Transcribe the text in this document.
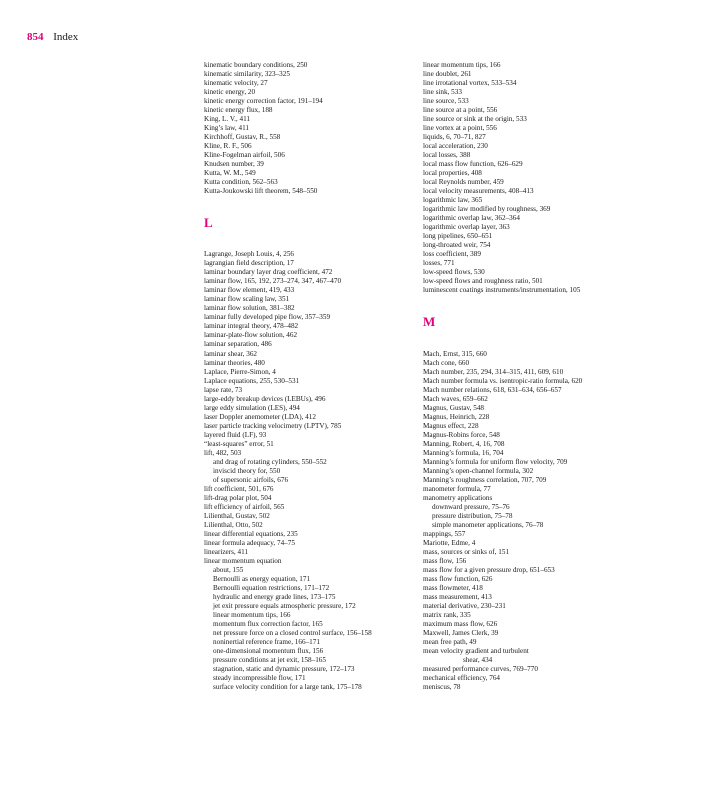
854 Index
kinematic boundary conditions, 250
kinematic similarity, 323–325
kinematic velocity, 27
kinetic energy, 20
kinetic energy correction factor, 191–194
kinetic energy flux, 188
King, L. V., 411
King’s law, 411
Kirchhoff, Gustav, R., 558
Kline, R. F., 506
Kline-Fogelman airfoil, 506
Knudsen number, 39
Kutta, W. M., 549
Kutta condition, 562–563
Kutta-Joukowski lift theorem, 548–550
L
Lagrange, Joseph Louis, 4, 256
lagrangian field description, 17
laminar boundary layer drag coefficient, 472
laminar flow, 165, 192, 273–274, 347, 467–470
laminar flow element, 419, 433
laminar flow scaling law, 351
laminar flow solution, 381–382
laminar fully developed pipe flow, 357–359
laminar integral theory, 478–482
laminar-plate-flow solution, 462
laminar separation, 486
laminar shear, 362
laminar theories, 480
Laplace, Pierre-Simon, 4
Laplace equations, 255, 530–531
lapse rate, 73
large-eddy breakup devices (LEBUs), 496
large eddy simulation (LES), 494
laser Doppler anemometer (LDA), 412
laser particle tracking velocimetry (LPTV), 785
layered fluid (LF), 93
“least-squares” error, 51
lift, 482, 503
and drag of rotating cylinders, 550–552
inviscid theory for, 550
of supersonic airfoils, 676
lift coefficient, 501, 676
lift-drag polar plot, 504
lift efficiency of airfoil, 565
Lilienthal, Gustav, 502
Lilienthal, Otto, 502
linear differential equations, 235
linear formula adequacy, 74–75
linearizers, 411
linear momentum equation
about, 155
Bernoulli as energy equation, 171
Bernoulli equation restrictions, 171–172
hydraulic and energy grade lines, 173–175
jet exit pressure equals atmospheric pressure, 172
linear momentum tips, 166
momentum flux correction factor, 165
net pressure force on a closed control surface, 156–158
noninertial reference frame, 166–171
one-dimensional momentum flux, 156
pressure conditions at jet exit, 158–165
stagnation, static and dynamic pressure, 172–173
steady incompressible flow, 171
surface velocity condition for a large tank, 175–178
linear momentum tips, 166
line doublet, 261
line irrotational vortex, 533–534
line sink, 533
line source, 533
line source at a point, 556
line source or sink at the origin, 533
line vortex at a point, 556
liquids, 6, 70–71, 827
local acceleration, 230
local losses, 388
local mass flow function, 626–629
local properties, 408
local Reynolds number, 459
local velocity measurements, 408–413
logarithmic law, 365
logarithmic law modified by roughness, 369
logarithmic overlap law, 362–364
logarithmic overlap layer, 363
long pipelines, 650–651
long-throated weir, 754
loss coefficient, 389
losses, 771
low-speed flows, 530
low-speed flows and roughness ratio, 501
luminescent coatings instruments/instrumentation, 105
M
Mach, Ernst, 315, 660
Mach cone, 660
Mach number, 235, 294, 314–315, 411, 609, 610
Mach number formula vs. isentropic-ratio formula, 620
Mach number relations, 618, 631–634, 656–657
Mach waves, 659–662
Magnus, Gustav, 548
Magnus, Heinrich, 228
Magnus effect, 228
Magnus-Robins force, 548
Manning, Robert, 4, 16, 708
Manning’s formula, 16, 704
Manning’s formula for uniform flow velocity, 709
Manning’s open-channel formula, 302
Manning’s roughness correlation, 707, 709
manometer formula, 77
manometry applications
downward pressure, 75–76
pressure distribution, 75–78
simple manometer applications, 76–78
mappings, 557
Mariotte, Edme, 4
mass, sources or sinks of, 151
mass flow, 156
mass flow for a given pressure drop, 651–653
mass flow function, 626
mass flowmeter, 418
mass measurement, 413
material derivative, 230–231
matrix rank, 335
maximum mass flow, 626
Maxwell, James Clerk, 39
mean free path, 49
mean velocity gradient and turbulent
shear, 434
measured performance curves, 769–770
mechanical efficiency, 764
meniscus, 78
